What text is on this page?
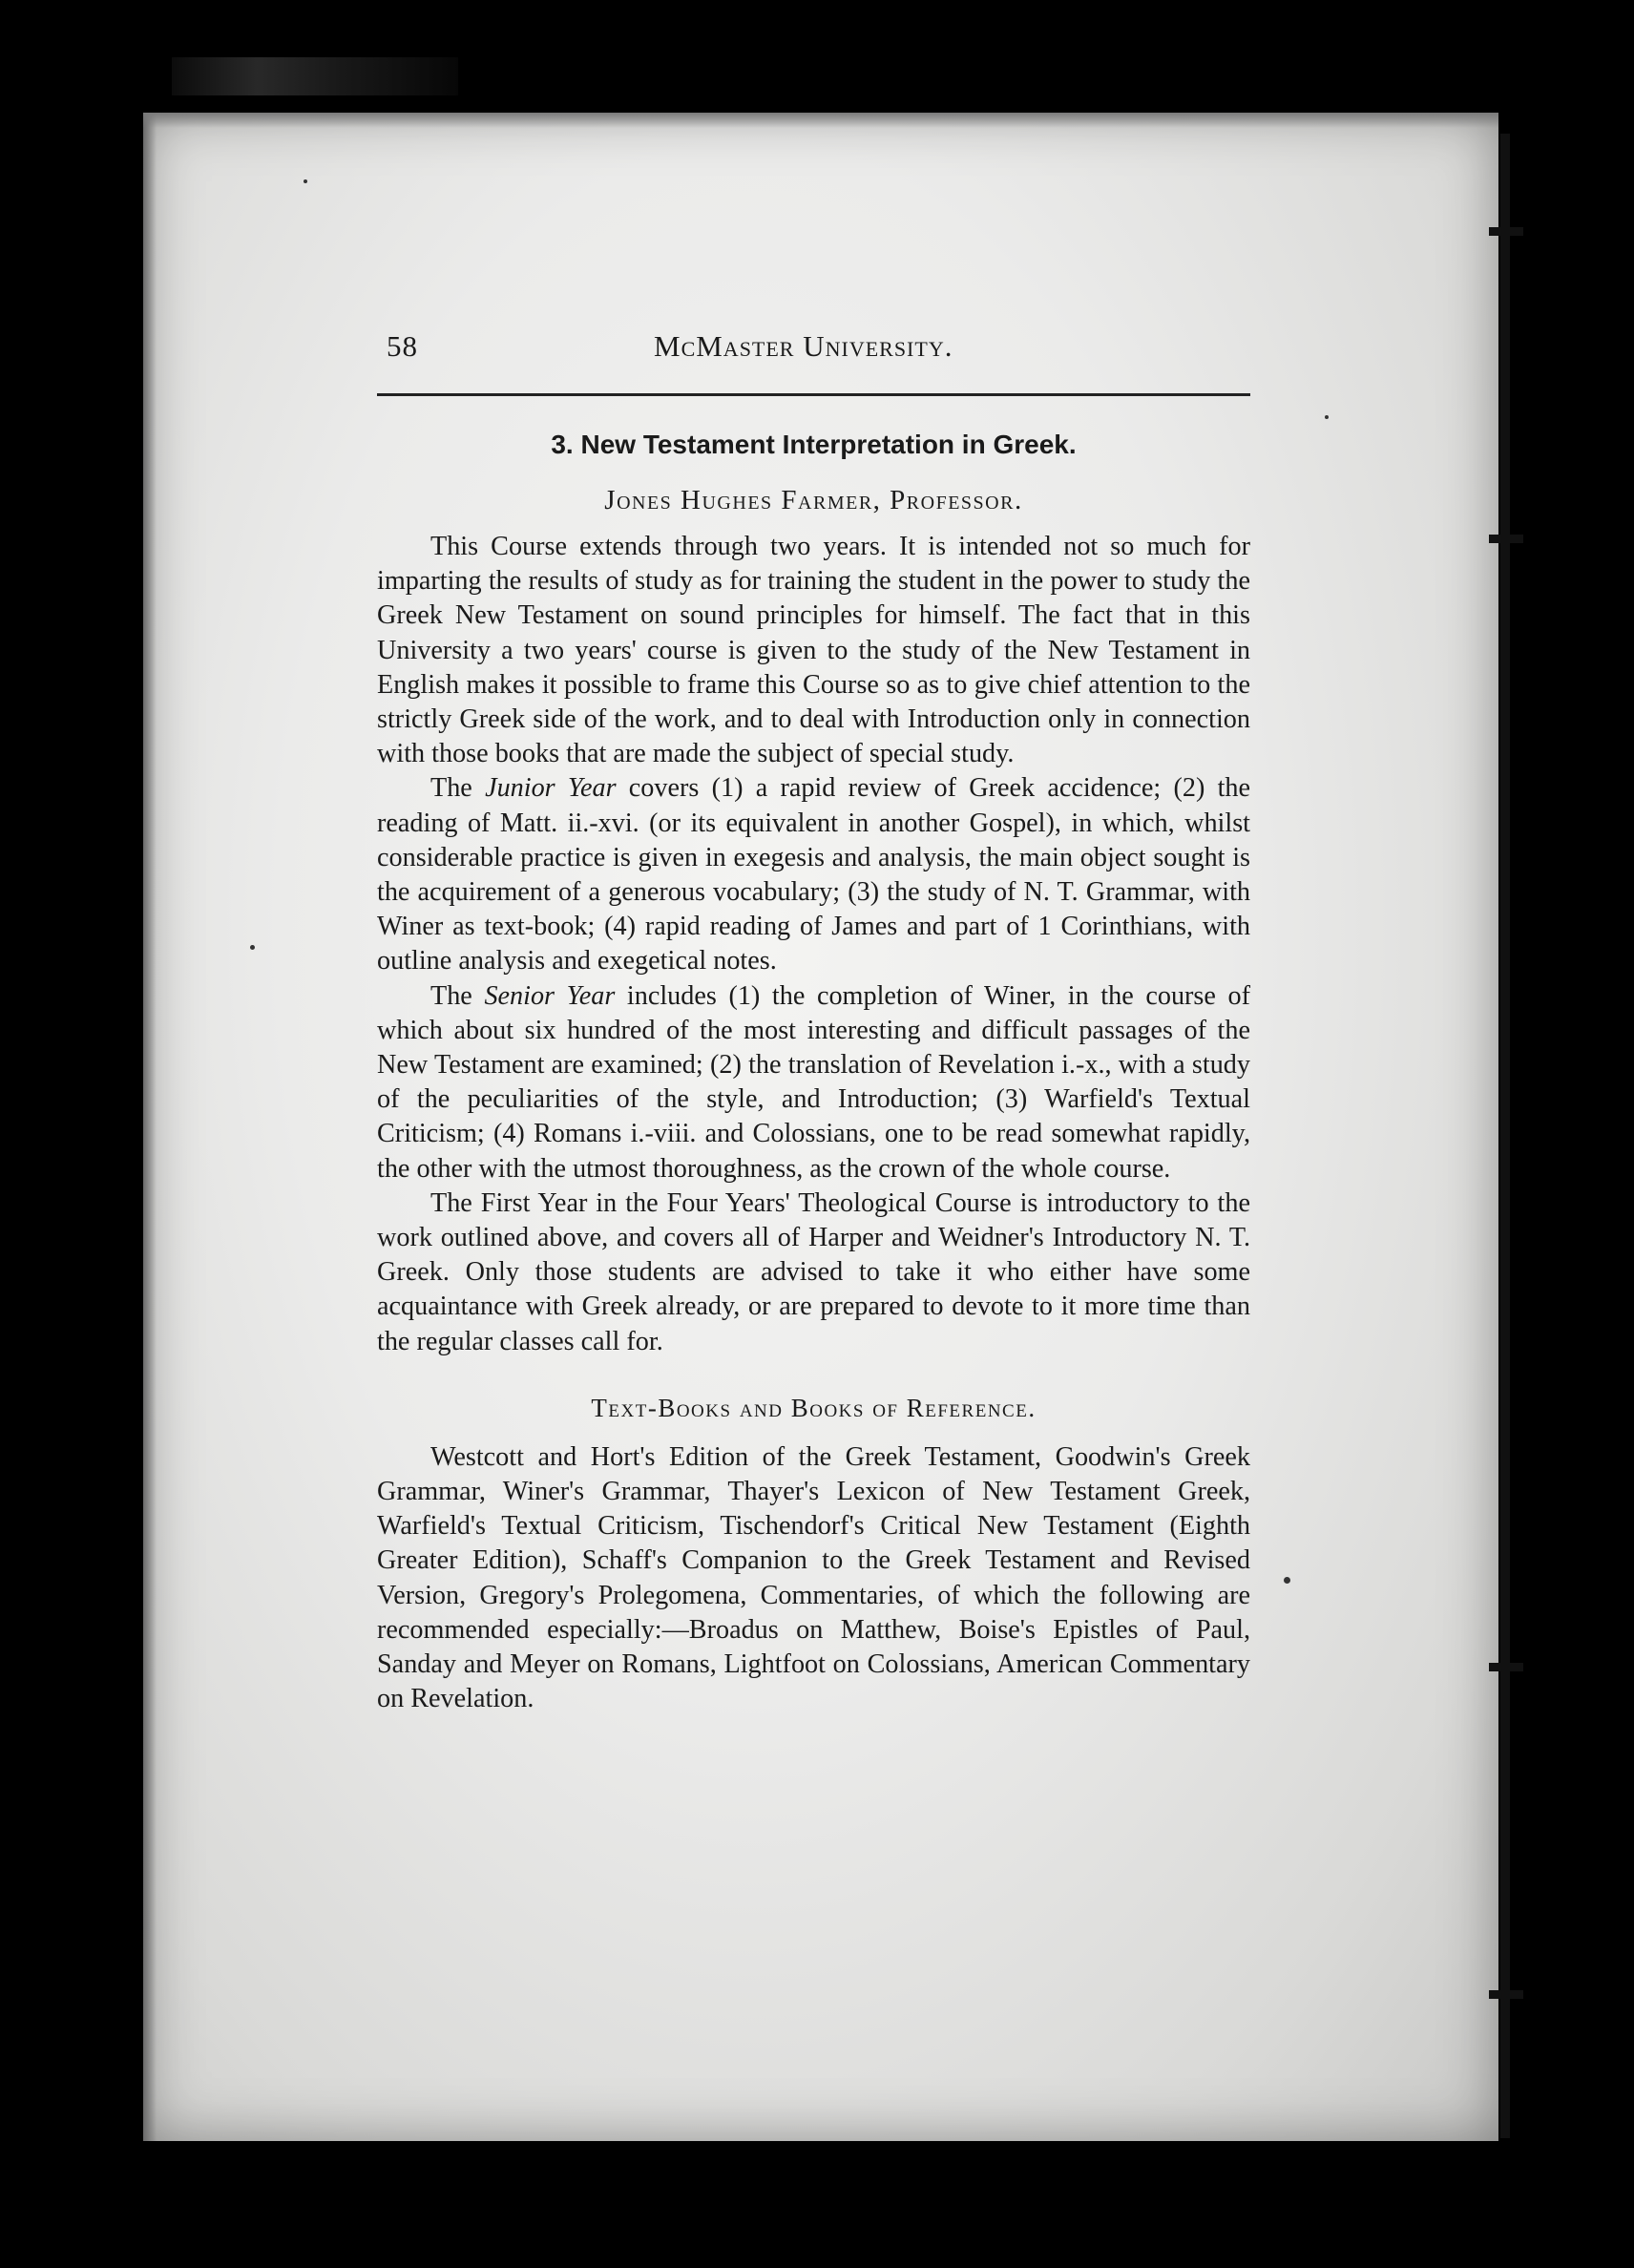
58	McMaster University.
3. New Testament Interpretation in Greek.
Jones Hughes Farmer, Professor.

This Course extends through two years. It is intended not so much for imparting the results of study as for training the student in the power to study the Greek New Testament on sound principles for himself. The fact that in this University a two years' course is given to the study of the New Testament in English makes it possible to frame this Course so as to give chief attention to the strictly Greek side of the work, and to deal with Introduction only in connection with those books that are made the subject of special study.

The Junior Year covers (1) a rapid review of Greek accidence; (2) the reading of Matt. ii.-xvi. (or its equivalent in another Gospel), in which, whilst considerable practice is given in exegesis and analysis, the main object sought is the acquirement of a generous vocabulary; (3) the study of N. T. Grammar, with Winer as text-book; (4) rapid reading of James and part of 1 Corinthians, with outline analysis and exegetical notes.

The Senior Year includes (1) the completion of Winer, in the course of which about six hundred of the most interesting and difficult passages of the New Testament are examined; (2) the translation of Revelation i.-x., with a study of the peculiarities of the style, and Introduction; (3) Warfield's Textual Criticism; (4) Romans i.-viii. and Colossians, one to be read somewhat rapidly, the other with the utmost thoroughness, as the crown of the whole course.

The First Year in the Four Years' Theological Course is introductory to the work outlined above, and covers all of Harper and Weidner's Introductory N. T. Greek. Only those students are advised to take it who either have some acquaintance with Greek already, or are prepared to devote to it more time than the regular classes call for.

Text-Books and Books of Reference.

Westcott and Hort's Edition of the Greek Testament, Goodwin's Greek Grammar, Winer's Grammar, Thayer's Lexicon of New Testament Greek, Warfield's Textual Criticism, Tischendorf's Critical New Testament (Eighth Greater Edition), Schaff's Companion to the Greek Testament and Revised Version, Gregory's Prolegomena, Commentaries, of which the following are recommended especially:—Broadus on Matthew, Boise's Epistles of Paul, Sanday and Meyer on Romans, Lightfoot on Colossians, American Commentary on Revelation.
